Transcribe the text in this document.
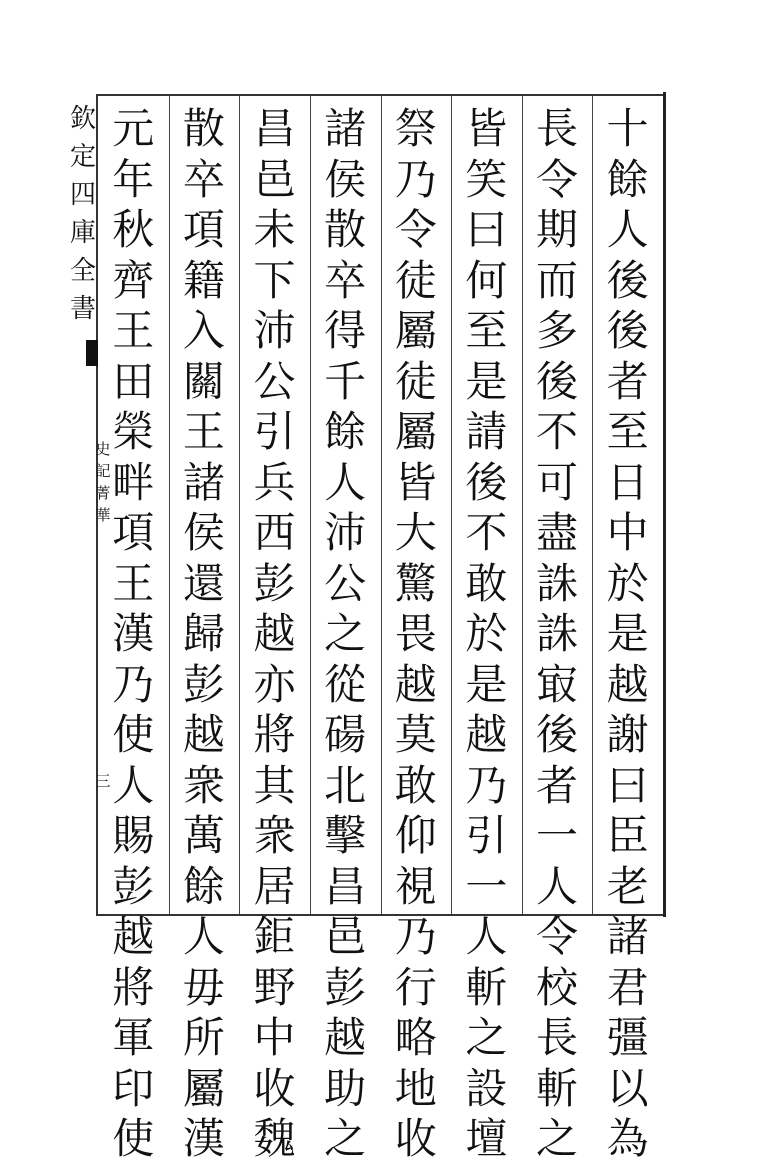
欽
定
四
庫
全
書
史
記
菁
華
三
十
餘
人
後
後
者
至
日
中
於
是
越
謝
曰
臣
老
諸
君
彊
以
為
長
令
期
而
多
後
不
可
盡
誅
誅
㝡
後
者
一
人
令
校
長
斬
之
皆
笑
曰
何
至
是
請
後
不
敢
於
是
越
乃
引
一
人
斬
之
設
壇
祭
乃
令
徒
屬
徒
屬
皆
大
驚
畏
越
莫
敢
仰
視
乃
行
略
地
收
諸
侯
散
卒
得
千
餘
人
沛
公
之
從
碭
北
擊
昌
邑
彭
越
助
之
昌
邑
未
下
沛
公
引
兵
西
彭
越
亦
將
其
衆
居
鉅
野
中
收
魏
散
卒
項
籍
入
關
王
諸
侯
還
歸
彭
越
衆
萬
餘
人
毋
所
屬
漢
元
年
秋
齊
王
田
榮
畔
項
王
漢
乃
使
人
賜
彭
越
將
軍
印
使
